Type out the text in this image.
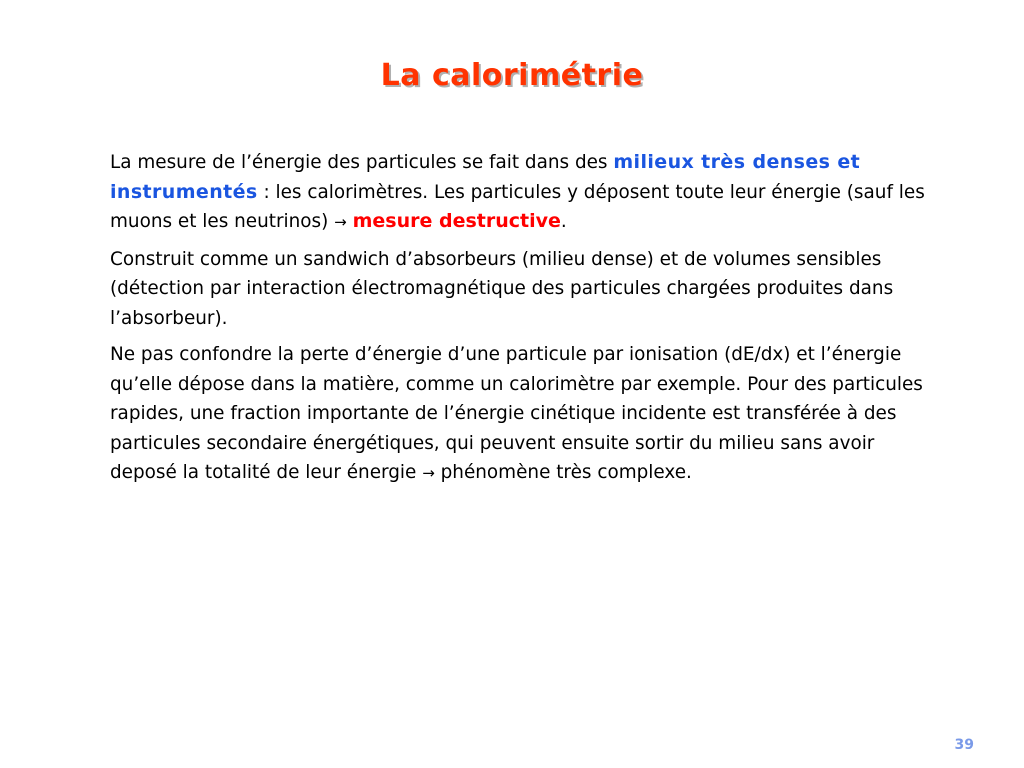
La calorimétrie

La mesure de l’énergie des particules se fait dans des milieux très denses et instrumentés : les calorimètres. Les particules y déposent toute leur énergie (sauf les muons et les neutrinos) → mesure destructive.

Construit comme un sandwich d’absorbeurs (milieu dense) et de volumes sensibles (détection par interaction électromagnétique des particules chargées produites dans l’absorbeur).

Ne pas confondre la perte d’énergie d’une particule par ionisation (dE/dx) et l’énergie qu’elle dépose dans la matière, comme un calorimètre par exemple. Pour des particules rapides, une fraction importante de l’énergie cinétique incidente est transférée à des particules secondaire énergétiques, qui peuvent ensuite sortir du milieu sans avoir deposé la totalité de leur énergie → phénomène très complexe.

39
